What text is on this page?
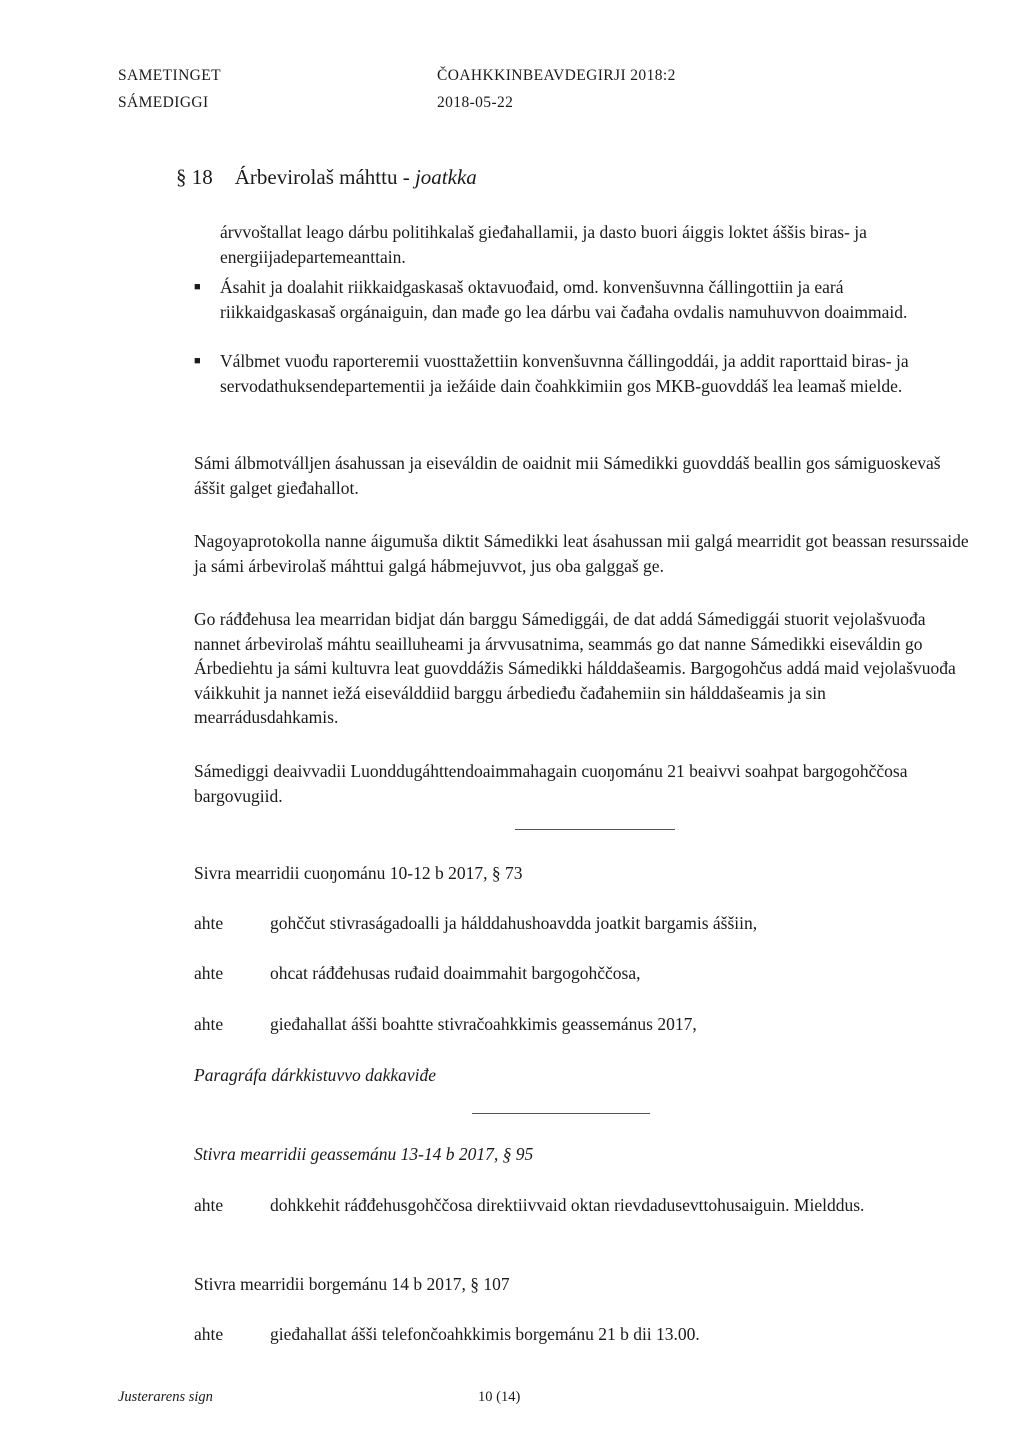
SAMETINGET
SÁMEDIGGI
ČOAHKKINBEAVDEGIRJI 2018:2
2018-05-22
§ 18 Árbevirolaš máhttu - joatkka
árvvoštallat leago dárbu politihkalaš gieđahallamii, ja dasto buori áiggis loktet áššis biras- ja energiijadepartemeanttain.
■ Ásahit ja doalahit riikkaidgaskasaš oktavuođaid, omd. konvenšuvnna čállingottiin ja eará riikkaidgaskasaš orgánaiguin, dan mađe go lea dárbu vai čađaha ovdalis namuhuvvon doaimmaid.
■ Válbmet vuođu raporteremii vuosttažettiin konvenšuvnna čállingoddái, ja addit raporttaid biras- ja servodathuksendepartementii ja iežáide dain čoahkkimiin gos MKB-guovddáš lea leamaš mielde.
Sámi álbmotválljen ásahussan ja eiseváldin de oaidnit mii Sámedikki guovddáš beallin gos sámiguoskevaš áššit galget gieđahallot.
Nagoyaprotokolla nanne áigumuša diktit Sámedikki leat ásahussan mii galgá mearridit got beassan resurssaide ja sámi árbevirolaš máhttui galgá hábmejuvvot, jus oba galggaš ge.
Go ráđđehusa lea mearridan bidjat dán barggu Sámediggái, de dat addá Sámediggái stuorit vejolašvuođa nannet árbevirolaš máhtu seailluheami ja árvvusatnima, seammás go dat nanne Sámedikki eiseváldin go Árbediehtu ja sámi kultuvra leat guovddážis Sámedikki hálddašeamis. Bargogohčus addá maid vejolašvuođa váikkuhit ja nannet iežá eiseválddiid barggu árbedieđu čađahemiin sin hálddašeamis ja sin mearrádusdahkamis.
Sámediggi deaivvadii Luonddugáhttendoaimmahagain cuoŋománu 21 beaivvi soahpat bargogohččosa bargovugiid.
Sivra mearridii cuoŋománu 10-12 b 2017, § 73
ahte	gohččut stivraságadoalli ja hálddahushoavdda joatkit bargamis áššiin,
ahte	ohcat ráđđehusas ruđaid doaimmahit bargogohččosa,
ahte	gieđahallat ášši boahtte stivračoahkkimis geassemánus 2017,
Paragráfa dárkkistuvvo dakkaviđe
Stivra mearridii geassemánu 13-14 b 2017, § 95
ahte	dohkkehit ráđđehusgohččosa direktiivvaid oktan rievdadusevttohusaiguin. Mielddus.
Stivra mearridii borgemánu 14 b 2017, § 107
ahte	gieđahallat ášši telefončoahkkimis borgemánu 21 b dii 13.00.
Justerarens sign	10 (14)
